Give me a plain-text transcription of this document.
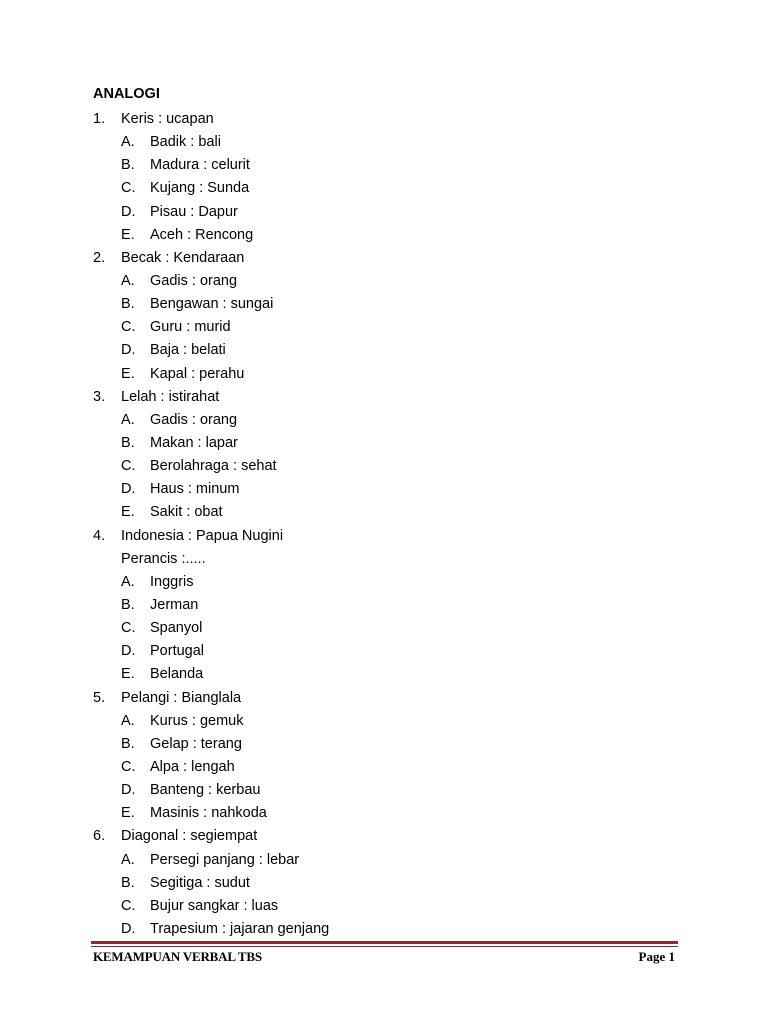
ANALOGI
1. Keris : ucapan
A. Badik : bali
B. Madura : celurit
C. Kujang : Sunda
D. Pisau : Dapur
E. Aceh : Rencong
2. Becak : Kendaraan
A. Gadis : orang
B. Bengawan : sungai
C. Guru : murid
D. Baja : belati
E. Kapal : perahu
3. Lelah : istirahat
A. Gadis : orang
B. Makan : lapar
C. Berolahraga : sehat
D. Haus : minum
E. Sakit : obat
4. Indonesia : Papua Nugini
Perancis :.....
A. Inggris
B. Jerman
C. Spanyol
D. Portugal
E. Belanda
5. Pelangi : Bianglala
A. Kurus : gemuk
B. Gelap : terang
C. Alpa : lengah
D. Banteng : kerbau
E. Masinis : nahkoda
6. Diagonal : segiempat
A. Persegi panjang : lebar
B. Segitiga : sudut
C. Bujur sangkar : luas
D. Trapesium : jajaran genjang
KEMAMPUAN VERBAL TBS	Page 1
